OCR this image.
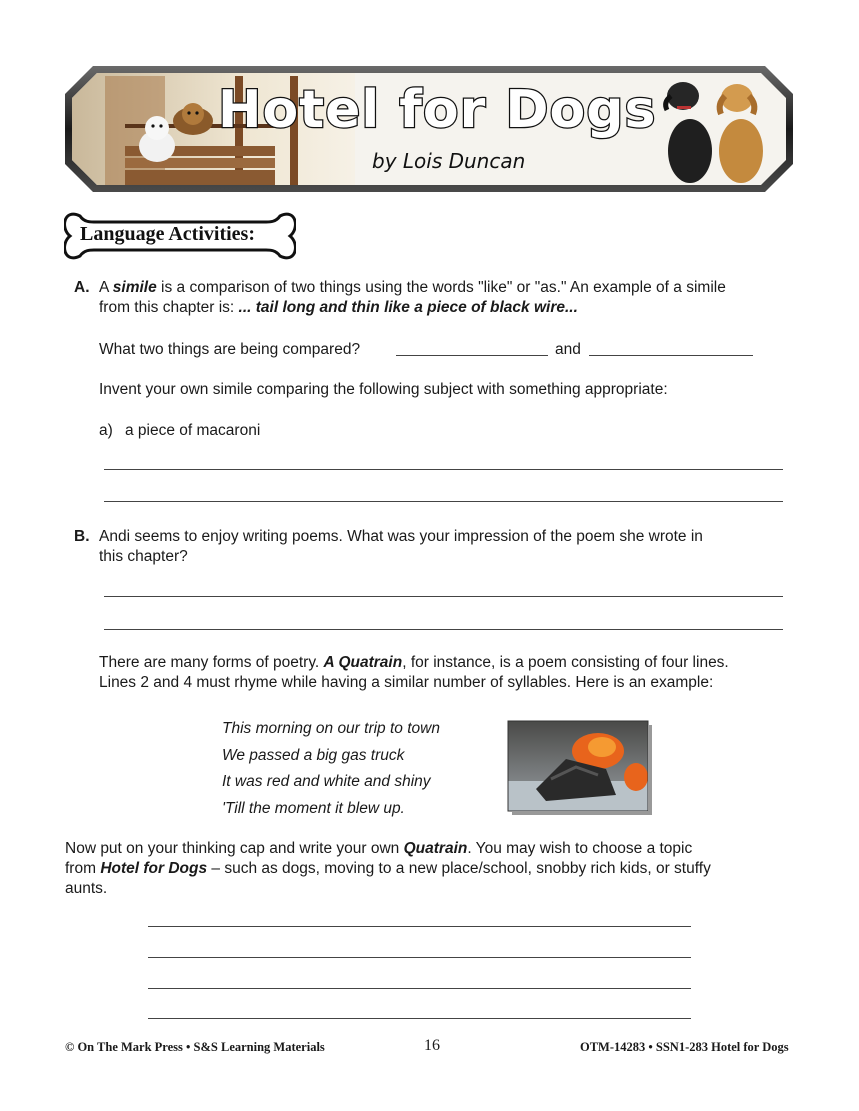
Hotel for Dogs
by Lois Duncan
Language Activities:
A. A simile is a comparison of two things using the words "like" or "as." An example of a simile
from this chapter is: ... tail long and thin like a piece of black wire...
What two things are being compared?	and
Invent your own simile comparing the following subject with something appropriate:
a) a piece of macaroni
B. Andi seems to enjoy writing poems. What was your impression of the poem she wrote in
this chapter?
There are many forms of poetry. A Quatrain, for instance, is a poem consisting of four lines.
Lines 2 and 4 must rhyme while having a similar number of syllables. Here is an example:
This morning on our trip to town
We passed a big gas truck
It was red and white and shiny
'Till the moment it blew up.
Now put on your thinking cap and write your own Quatrain. You may wish to choose a topic
from Hotel for Dogs – such as dogs, moving to a new place/school, snobby rich kids, or stuffy
aunts.
© On The Mark Press • S&S Learning Materials	16	OTM-14283 • SSN1-283 Hotel for Dogs
